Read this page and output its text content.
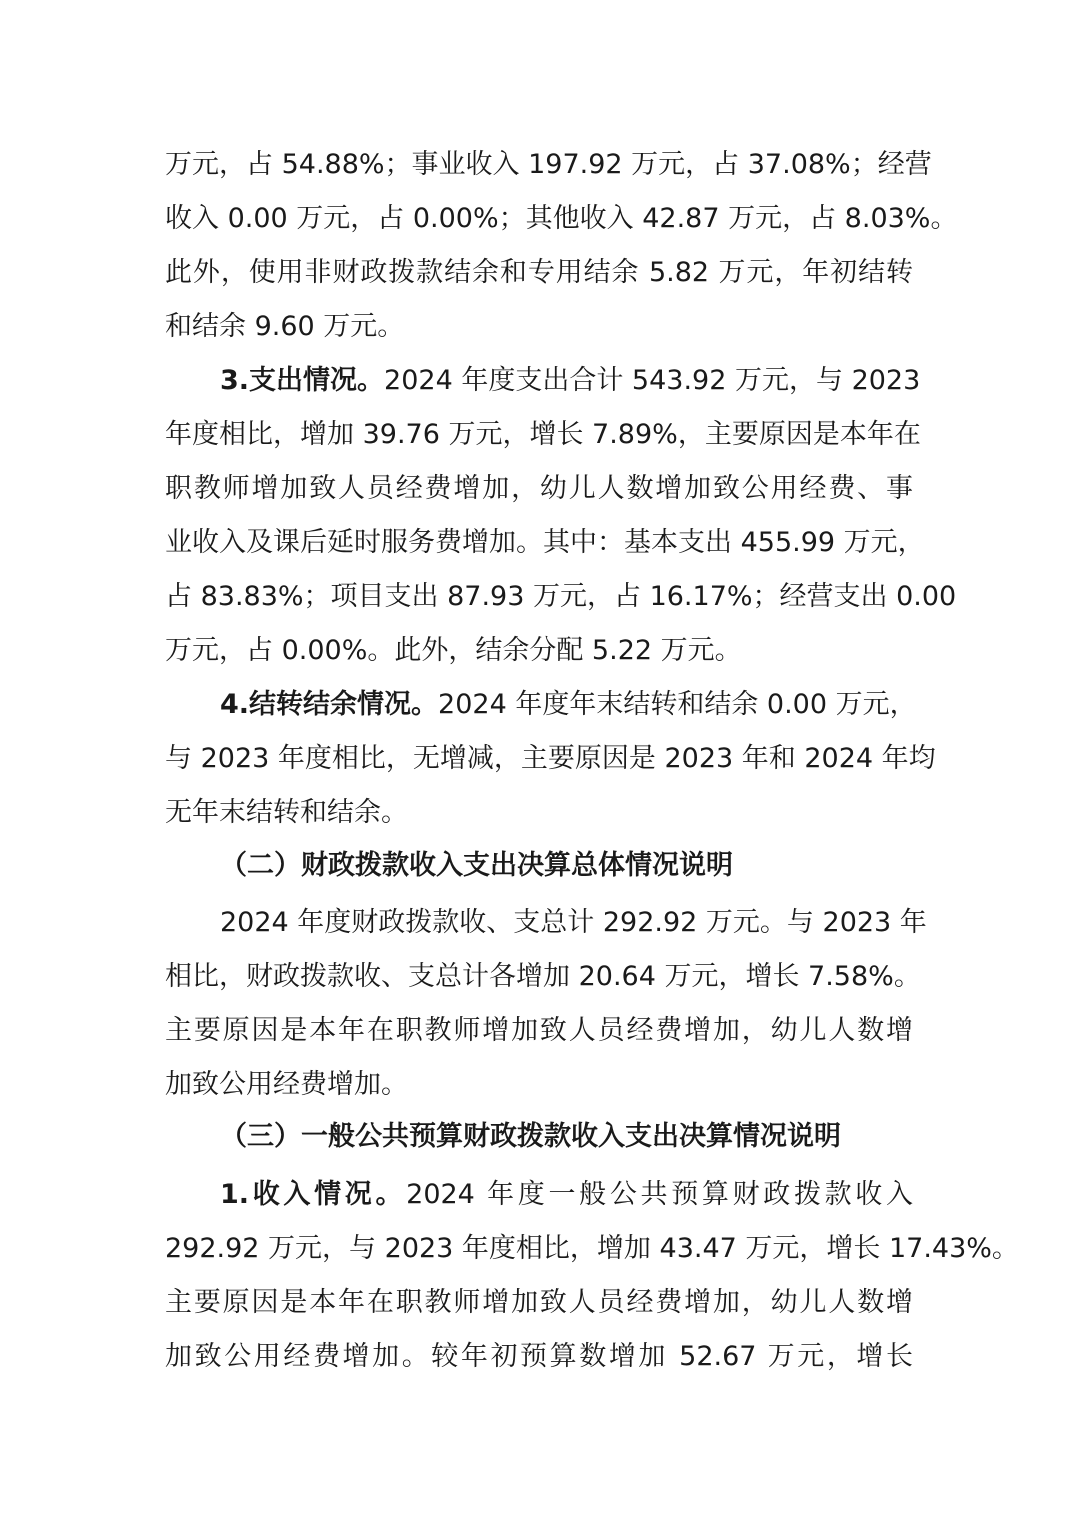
万元，占 54.88%；事业收入 197.92 万元，占 37.08%；经营
收入 0.00 万元，占 0.00%；其他收入 42.87 万元，占 8.03%。
此外，使用非财政拨款结余和专用结余 5.82 万元，年初结转
和结余 9.60 万元。
3.支出情况。2024 年度支出合计 543.92 万元，与 2023
年度相比，增加 39.76 万元，增长 7.89%，主要原因是本年在
职教师增加致人员经费增加，幼儿人数增加致公用经费、事
业收入及课后延时服务费增加。其中：基本支出 455.99 万元，
占 83.83%；项目支出 87.93 万元，占 16.17%；经营支出 0.00
万元，占 0.00%。此外，结余分配 5.22 万元。
4.结转结余情况。2024 年度年末结转和结余 0.00 万元，
与 2023 年度相比，无增减，主要原因是 2023 年和 2024 年均
无年末结转和结余。
（二）财政拨款收入支出决算总体情况说明
2024 年度财政拨款收、支总计 292.92 万元。与 2023 年
相比，财政拨款收、支总计各增加 20.64 万元，增长 7.58%。
主要原因是本年在职教师增加致人员经费增加，幼儿人数增
加致公用经费增加。
（三）一般公共预算财政拨款收入支出决算情况说明
1.收入情况。2024 年度一般公共预算财政拨款收入
292.92 万元，与 2023 年度相比，增加 43.47 万元，增长 17.43%。
主要原因是本年在职教师增加致人员经费增加，幼儿人数增
加致公用经费增加。较年初预算数增加 52.67 万元，增长
